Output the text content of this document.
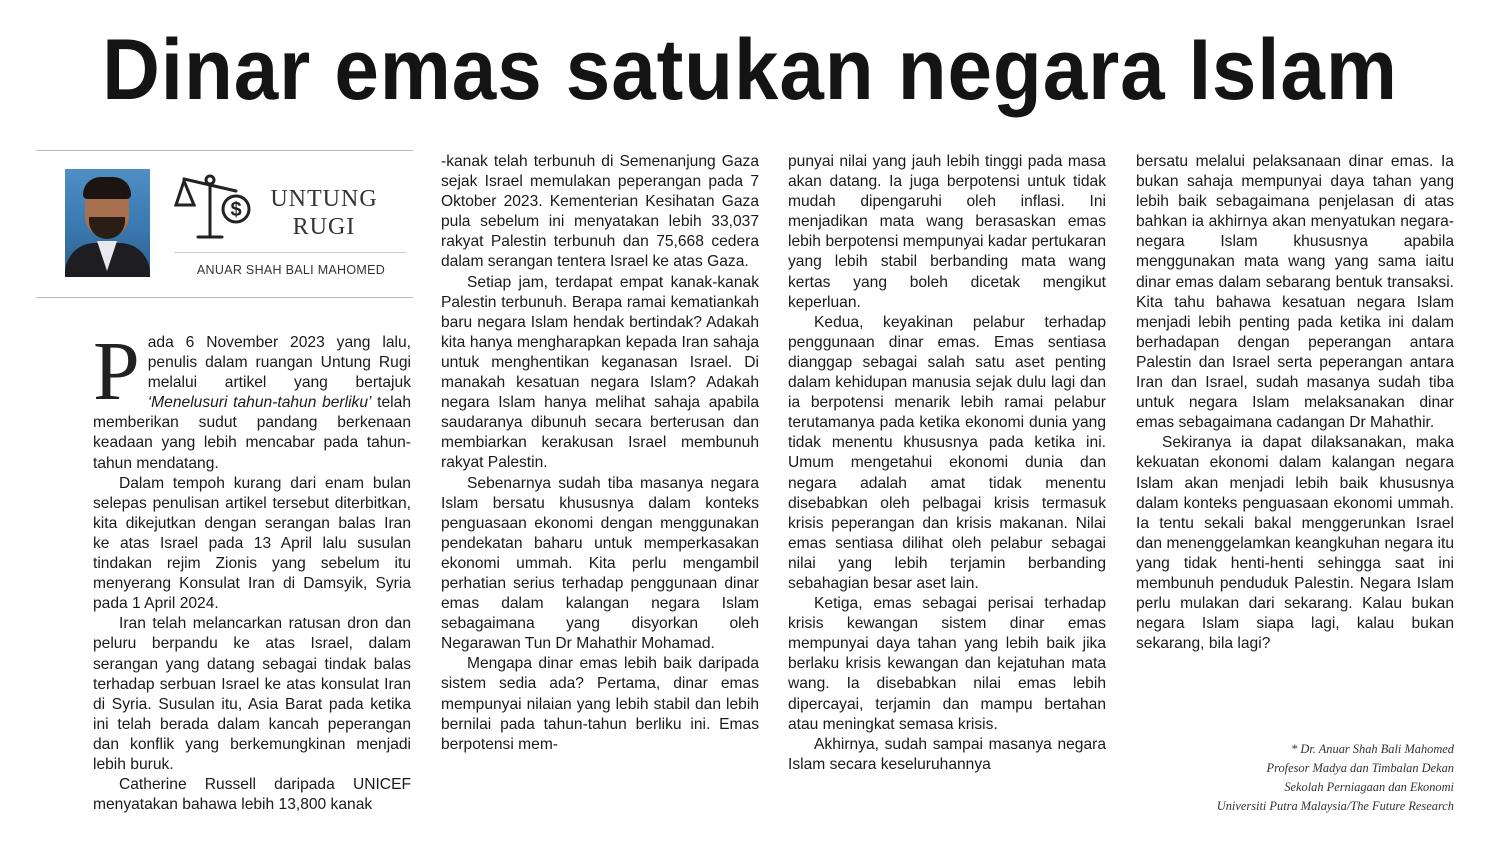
Dinar emas satukan negara Islam
$ UNTUNG
RUGI
ANUAR SHAH BALI MAHOMED

Pada 6 November 2023 yang lalu, penulis dalam ruangan Untung Rugi melalui artikel yang bertajuk ‘Menelusuri tahun-tahun berliku’ telah memberikan sudut pandang berkenaan keadaan yang lebih mencabar pada tahun-tahun mendatang.

Dalam tempoh kurang dari enam bulan selepas penulisan artikel tersebut diterbitkan, kita dikejutkan dengan serangan balas Iran ke atas Israel pada 13 April lalu susulan tindakan rejim Zionis yang sebelum itu menyerang Konsulat Iran di Damsyik, Syria pada 1 April 2024.

Iran telah melancarkan ratusan dron dan peluru berpandu ke atas Israel, dalam serangan yang datang sebagai tindak balas terhadap serbuan Israel ke atas konsulat Iran di Syria. Susulan itu, Asia Barat pada ketika ini telah berada dalam kancah peperangan dan konflik yang berkemungkinan menjadi lebih buruk.

Catherine Russell daripada UNICEF menyatakan bahawa lebih 13,800 kanak

-kanak telah terbunuh di Semenanjung Gaza sejak Israel memulakan peperangan pada 7 Oktober 2023. Kementerian Kesihatan Gaza pula sebelum ini menyatakan lebih 33,037 rakyat Palestin terbunuh dan 75,668 cedera dalam serangan tentera Israel ke atas Gaza.

Setiap jam, terdapat empat kanak-kanak Palestin terbunuh. Berapa ramai kematiankah baru negara Islam hendak bertindak? Adakah kita hanya mengharapkan kepada Iran sahaja untuk menghentikan keganasan Israel. Di manakah kesatuan negara Islam? Adakah negara Islam hanya melihat sahaja apabila saudaranya dibunuh secara berterusan dan membiarkan kerakusan Israel membunuh rakyat Palestin.

Sebenarnya sudah tiba masanya negara Islam bersatu khususnya dalam konteks penguasaan ekonomi dengan menggunakan pendekatan baharu untuk memperkasakan ekonomi ummah. Kita perlu mengambil perhatian serius terhadap penggunaan dinar emas dalam kalangan negara Islam sebagaimana yang disyorkan oleh Negarawan Tun Dr Mahathir Mohamad.

Mengapa dinar emas lebih baik daripada sistem sedia ada? Pertama, dinar emas mempunyai nilaian yang lebih stabil dan lebih bernilai pada tahun-tahun berliku ini. Emas berpotensi mem-

punyai nilai yang jauh lebih tinggi pada masa akan datang. Ia juga berpotensi untuk tidak mudah dipengaruhi oleh inflasi. Ini menjadikan mata wang berasaskan emas lebih berpotensi mempunyai kadar pertukaran yang lebih stabil berbanding mata wang kertas yang boleh dicetak mengikut keperluan.

Kedua, keyakinan pelabur terhadap penggunaan dinar emas. Emas sentiasa dianggap sebagai salah satu aset penting dalam kehidupan manusia sejak dulu lagi dan ia berpotensi menarik lebih ramai pelabur terutamanya pada ketika ekonomi dunia yang tidak menentu khususnya pada ketika ini. Umum mengetahui ekonomi dunia dan negara adalah amat tidak menentu disebabkan oleh pelbagai krisis termasuk krisis peperangan dan krisis makanan. Nilai emas sentiasa dilihat oleh pelabur sebagai nilai yang lebih terjamin berbanding sebahagian besar aset lain.

Ketiga, emas sebagai perisai terhadap krisis kewangan sistem dinar emas mempunyai daya tahan yang lebih baik jika berlaku krisis kewangan dan kejatuhan mata wang. Ia disebabkan nilai emas lebih dipercayai, terjamin dan mampu bertahan atau meningkat semasa krisis.

Akhirnya, sudah sampai masanya negara Islam secara keseluruhannya

bersatu melalui pelaksanaan dinar emas. Ia bukan sahaja mempunyai daya tahan yang lebih baik sebagaimana penjelasan di atas bahkan ia akhirnya akan menyatukan negara-negara Islam khususnya apabila menggunakan mata wang yang sama iaitu dinar emas dalam sebarang bentuk transaksi. Kita tahu bahawa kesatuan negara Islam menjadi lebih penting pada ketika ini dalam berhadapan dengan peperangan antara Palestin dan Israel serta peperangan antara Iran dan Israel, sudah masanya sudah tiba untuk negara Islam melaksanakan dinar emas sebagaimana cadangan Dr Mahathir.

Sekiranya ia dapat dilaksanakan, maka kekuatan ekonomi dalam kalangan negara Islam akan menjadi lebih baik khususnya dalam konteks penguasaan ekonomi ummah. Ia tentu sekali bakal menggerunkan Israel dan menenggelamkan keangkuhan negara itu yang tidak henti-henti sehingga saat ini membunuh penduduk Palestin. Negara Islam perlu mulakan dari sekarang. Kalau bukan negara Islam siapa lagi, kalau bukan sekarang, bila lagi?

* Dr. Anuar Shah Bali Mahomed
Profesor Madya dan Timbalan Dekan
Sekolah Perniagaan dan Ekonomi
Universiti Putra Malaysia/The Future Research
